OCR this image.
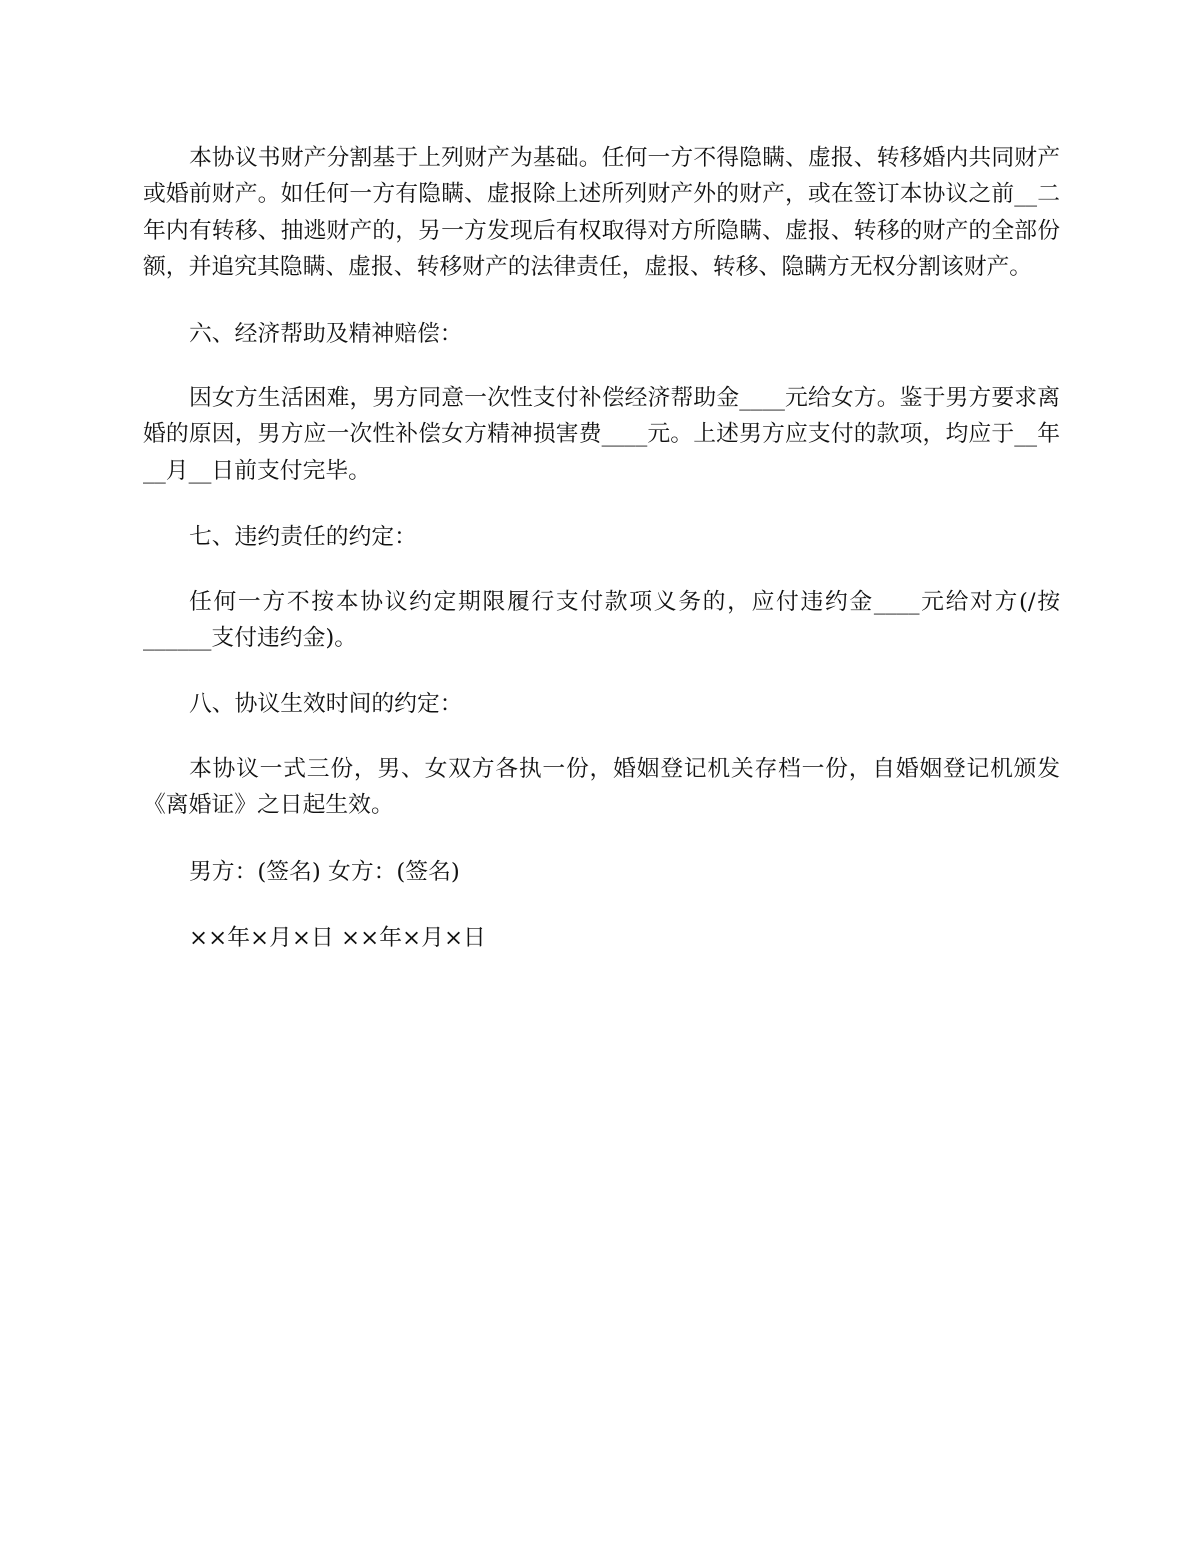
本协议书财产分割基于上列财产为基础。任何一方不得隐瞒、虚报、转移婚内共同财产或婚前财产。如任何一方有隐瞒、虚报除上述所列财产外的财产，或在签订本协议之前__二年内有转移、抽逃财产的，另一方发现后有权取得对方所隐瞒、虚报、转移的财产的全部份额，并追究其隐瞒、虚报、转移财产的法律责任，虚报、转移、隐瞒方无权分割该财产。

六、经济帮助及精神赔偿：

因女方生活困难，男方同意一次性支付补偿经济帮助金____元给女方。鉴于男方要求离婚的原因，男方应一次性补偿女方精神损害费____元。上述男方应支付的款项，均应于__年__月__日前支付完毕。

七、违约责任的约定：

任何一方不按本协议约定期限履行支付款项义务的，应付违约金____元给对方(/按______支付违约金)。

八、协议生效时间的约定：

本协议一式三份，男、女双方各执一份，婚姻登记机关存档一份，自婚姻登记机颁发《离婚证》之日起生效。

男方：(签名) 女方：(签名)

××年×月×日 ××年×月×日
